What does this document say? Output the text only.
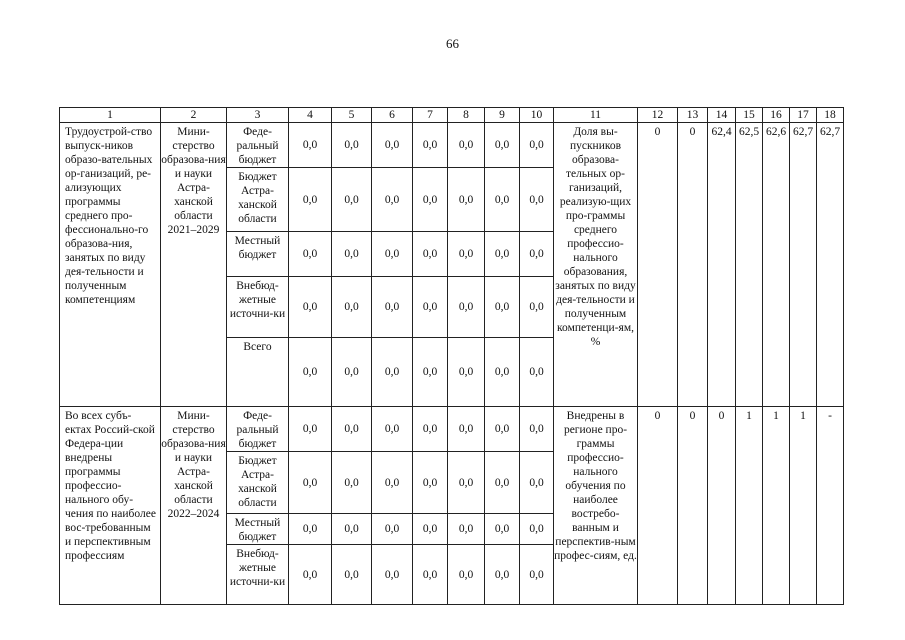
66
1	2	3	4	5	6	7	8	9	10	11	12	13	14	15	16	17	18
Трудоустрой-ство выпуск-ников образо-вательных ор-ганизаций, ре-ализующих программы среднего про-фессионально-го образова-ния, занятых по виду дея-тельности и полученным компетенциям	Мини-стерство образова-ния и науки Астра-ханской области 2021–2029	Феде-ральный бюджет	0,0	0,0	0,0	0,0	0,0	0,0	0,0	Доля вы-пускников образова-тельных ор-ганизаций, реализую-щих про-граммы среднего профессио-нального образования, занятых по виду дея-тельности и полученным компетенци-ям, %	0	0	62,4	62,5	62,6	62,7	62,7
		Бюджет Астра-ханской области	0,0	0,0	0,0	0,0	0,0	0,0	0,0								
		Местный бюджет	0,0	0,0	0,0	0,0	0,0	0,0	0,0								
		Внебюд-жетные источни-ки	0,0	0,0	0,0	0,0	0,0	0,0	0,0								
		Всего	0,0	0,0	0,0	0,0	0,0	0,0	0,0								
Во всех субъ-ектах Россий-ской Федера-ции внедрены программы профессио-нального обу-чения по наиболее вос-требованным и перспективным профессиям	Мини-стерство образова-ния и науки Астра-ханской области 2022–2024	Феде-ральный бюджет	0,0	0,0	0,0	0,0	0,0	0,0	0,0	Внедрены в регионе про-граммы профессио-нального обучения по наиболее востребо-ванным и перспектив-ным профес-сиям, ед.	0	0	0	1	1	1	-
		Бюджет Астра-ханской области	0,0	0,0	0,0	0,0	0,0	0,0	0,0								
		Местный бюджет	0,0	0,0	0,0	0,0	0,0	0,0	0,0								
		Внебюд-жетные источни-ки	0,0	0,0	0,0	0,0	0,0	0,0	0,0								
